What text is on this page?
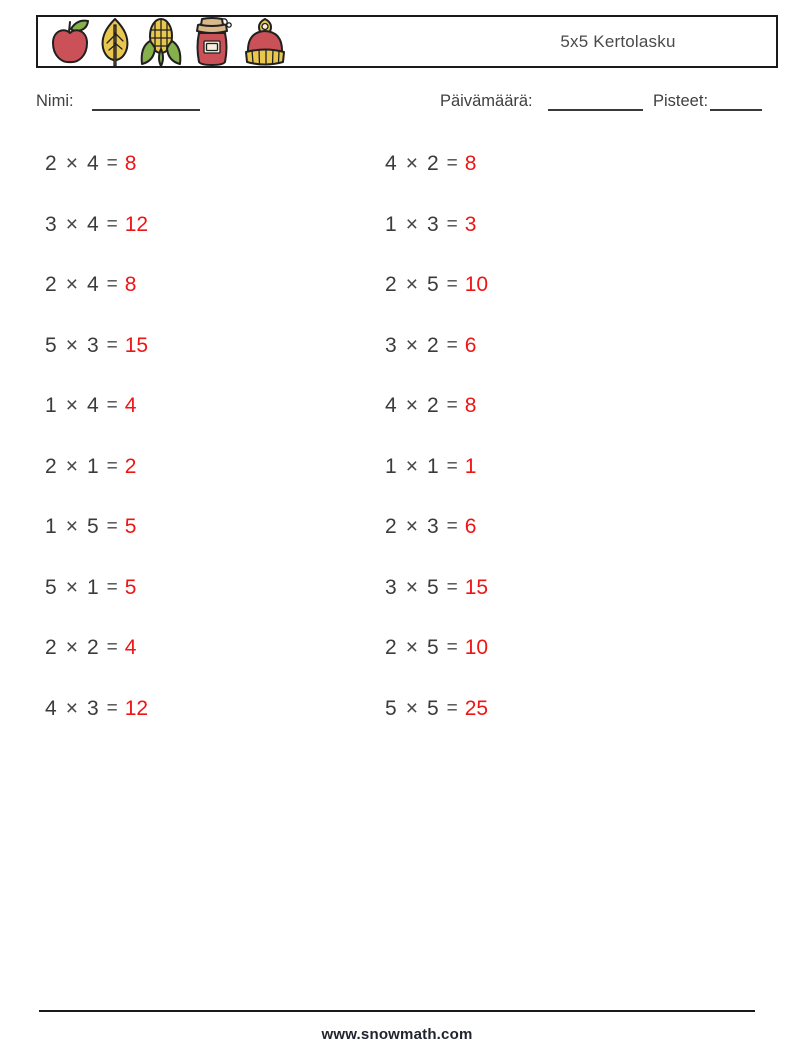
5x5 Kertolasku
Nimi:	Päivämäärä:	Pisteet:
2 × 4 = 8
3 × 4 = 12
2 × 4 = 8
5 × 3 = 15
1 × 4 = 4
2 × 1 = 2
1 × 5 = 5
5 × 1 = 5
2 × 2 = 4
4 × 3 = 12
4 × 2 = 8
1 × 3 = 3
2 × 5 = 10
3 × 2 = 6
4 × 2 = 8
1 × 1 = 1
2 × 3 = 6
3 × 5 = 15
2 × 5 = 10
5 × 5 = 25
www.snowmath.com
